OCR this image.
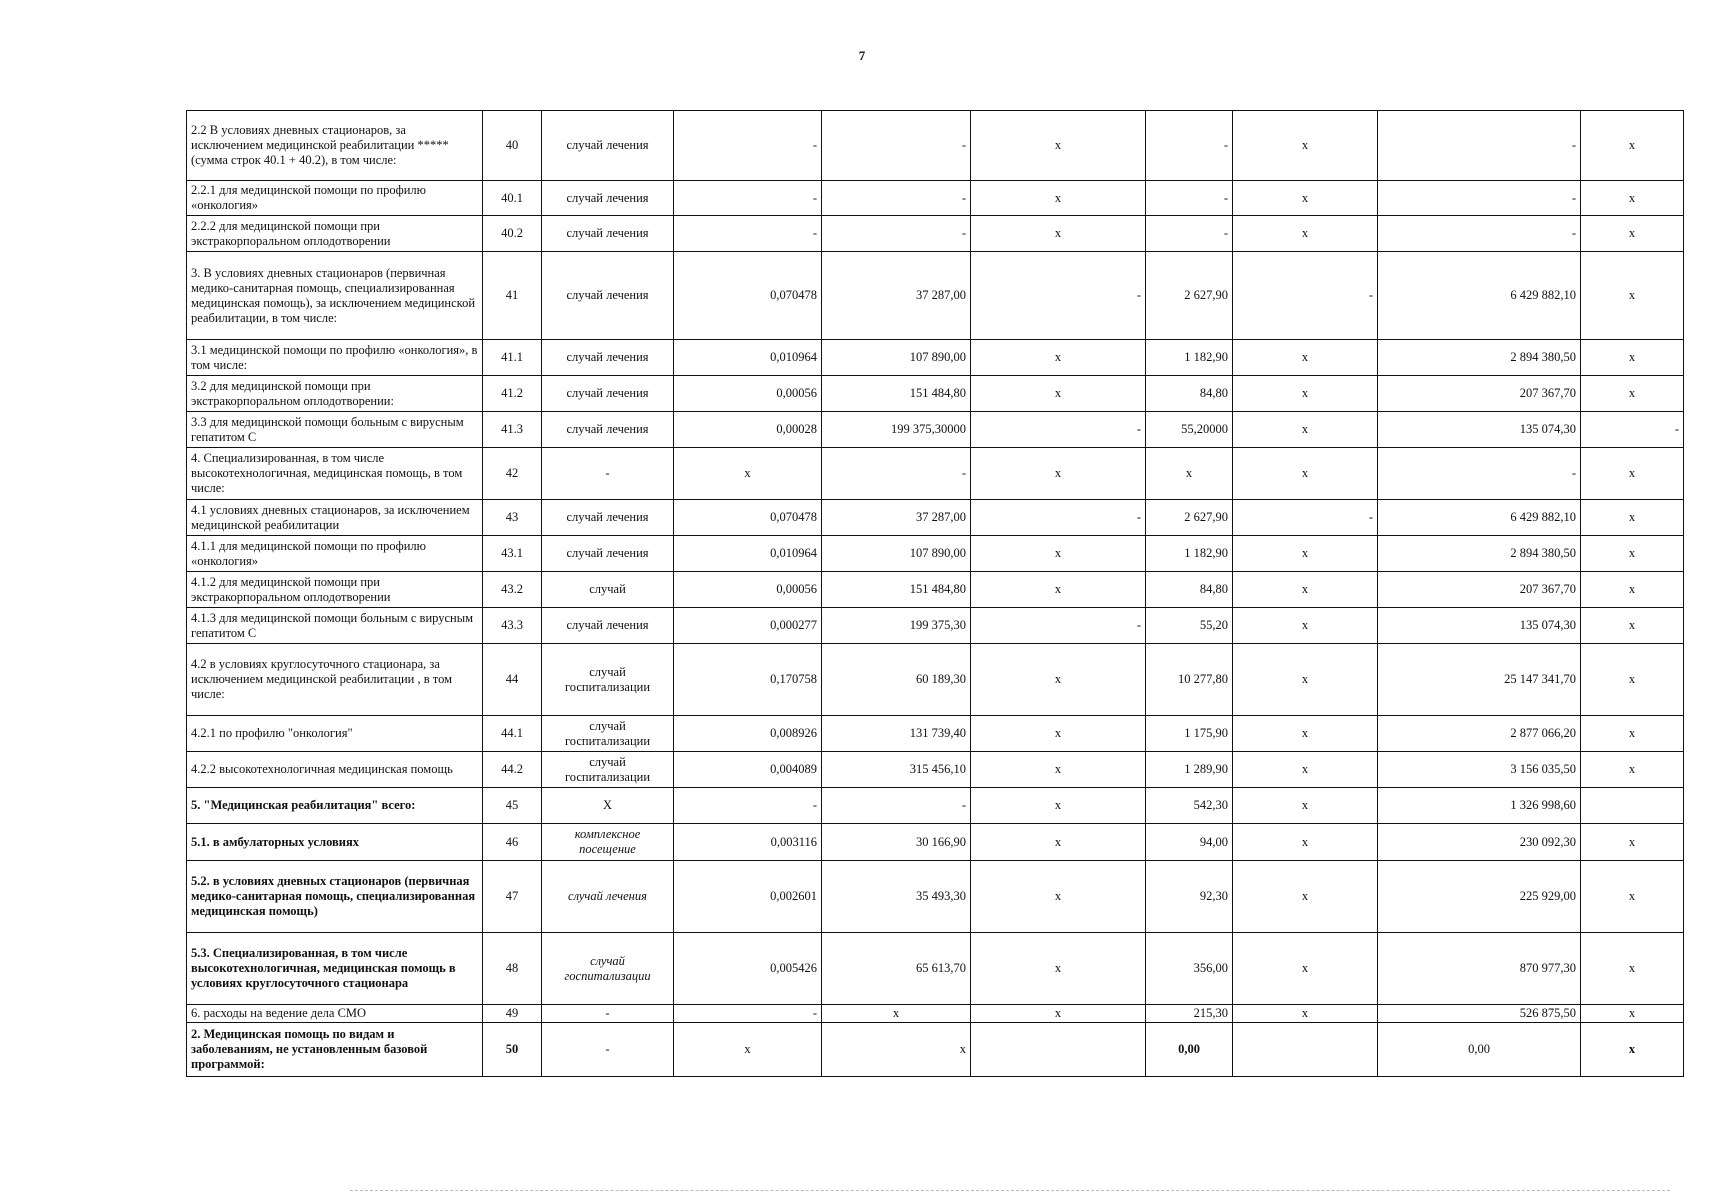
7
2.2 В условиях дневных стационаров, за исключением медицинской реабилитации ***** (сумма строк 40.1 + 40.2), в том числе:	40	случай лечения	-	-	x	-	x	-	x
2.2.1 для медицинской помощи по профилю «онкология»	40.1	случай лечения	-	-	x	-	x	-	x
2.2.2 для медицинской помощи при экстракорпоральном оплодотворении	40.2	случай лечения	-	-	x	-	x	-	x
3. В условиях дневных стационаров (первичная медико-санитарная помощь, специализированная медицинская помощь), за исключением медицинской реабилитации, в том числе:	41	случай лечения	0,070478	37 287,00	-	2 627,90	-	6 429 882,10	x
3.1 медицинской помощи по профилю «онкология», в том числе:	41.1	случай лечения	0,010964	107 890,00	x	1 182,90	x	2 894 380,50	x
3.2 для медицинской помощи при экстракорпоральном оплодотворении:	41.2	случай лечения	0,00056	151 484,80	x	84,80	x	207 367,70	x
3.3 для медицинской помощи больным с вирусным гепатитом С	41.3	случай лечения	0,00028	199 375,30000	-	55,20000	x	135 074,30	-
4. Специализированная, в том числе высокотехнологичная, медицинская помощь, в том числе:	42	-	x	-	x	x	x	-	x
4.1 условиях дневных стационаров, за исключением медицинской реабилитации	43	случай лечения	0,070478	37 287,00	-	2 627,90	-	6 429 882,10	x
4.1.1 для медицинской помощи по профилю «онкология»	43.1	случай лечения	0,010964	107 890,00	x	1 182,90	x	2 894 380,50	x
4.1.2 для медицинской помощи при экстракорпоральном оплодотворении	43.2	случай	0,00056	151 484,80	x	84,80	x	207 367,70	x
4.1.3 для медицинской помощи больным с вирусным гепатитом С	43.3	случай лечения	0,000277	199 375,30	-	55,20	x	135 074,30	x
4.2 в условиях круглосуточного стационара, за исключением медицинской реабилитации , в том числе:	44	случай госпитализации	0,170758	60 189,30	x	10 277,80	x	25 147 341,70	x
4.2.1 по профилю "онкология"	44.1	случай госпитализации	0,008926	131 739,40	x	1 175,90	x	2 877 066,20	x
4.2.2 высокотехнологичная медицинская помощь	44.2	случай госпитализации	0,004089	315 456,10	x	1 289,90	x	3 156 035,50	x
5. "Медицинская реабилитация" всего:	45	Х	-	-	x	542,30	x	1 326 998,60	
5.1. в амбулаторных условиях	46	комплексное посещение	0,003116	30 166,90	x	94,00	x	230 092,30	x
5.2. в условиях дневных стационаров (первичная медико-санитарная помощь, специализированная медицинская помощь)	47	случай лечения	0,002601	35 493,30	x	92,30	x	225 929,00	x
5.3. Специализированная, в том числе высокотехнологичная, медицинская помощь в условиях круглосуточного стационара	48	случай госпитализации	0,005426	65 613,70	x	356,00	x	870 977,30	x
6. расходы на ведение дела СМО	49	-	-	x	x	215,30	x	526 875,50	x
2. Медицинская помощь по видам и заболеваниям, не установленным базовой программой:	50	-	x	x		0,00		0,00	x
